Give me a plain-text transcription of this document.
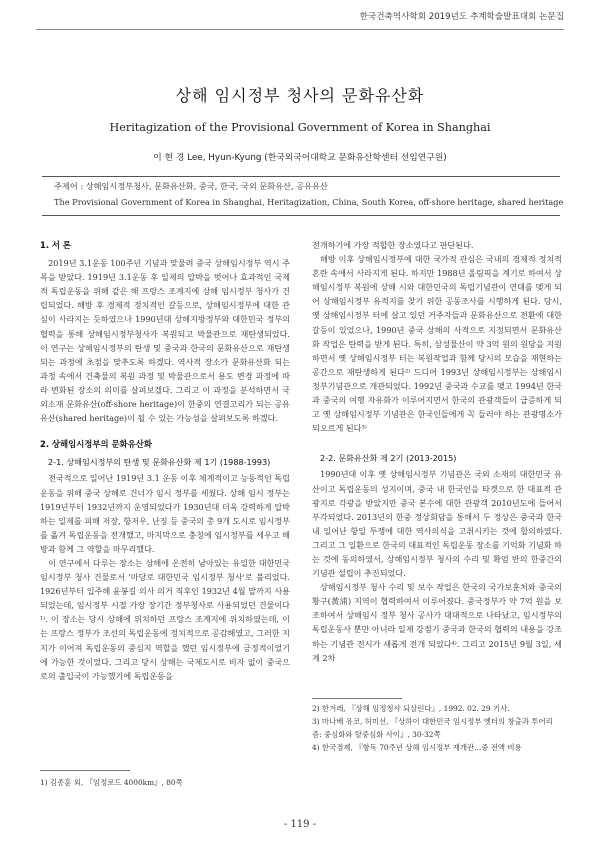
한국건축역사학회 2019년도 추계학술발표대회 논문집
상해 임시정부 청사의 문화유산화
Heritagization of the Provisional Government of Korea in Shanghai
이 현 경 Lee, Hyun-Kyung (한국외국어대학교 문화유산학센터 선임연구원)
주제어 : 상해임시정부청사, 문화유산화, 중국, 한국, 국외 문화유산, 공유유산
The Provisional Government of Korea in Shanghai, Heritagization, China, South Korea, off-shore heritage, shared heritage
1. 서 론

2019년 3.1운동 100주년 기념과 맞물려 중국 상해임시정부 역시 주목을 받았다. 1919년 3.1운동 후 일제의 압박을 벗어나 효과적인 국제적 독립운동을 위해 같은 해 프랑스 조계지에 상해 임시정부 청사가 건립되었다. 해방 후 경제적 정치적인 갈등으로, 상해임시정부에 대한 관심이 사라지는 듯하였으나 1990년대 상해지방정부와 대한민국 정부의 협력을 통해 상해임시정부청사가 복원되고 박물관으로 재탄생되었다. 이 연구는 상해임시정부의 탄생 및 중국과 한국의 문화유산으로 재탄생되는 과정에 초점을 맞추도록 하겠다. 역사적 장소가 문화유산화 되는 과정 속에서 건축물의 복원 과정 및 박물관으로서 용도 변경 과정에 따라 변화된 장소의 의미를 살펴보겠다. 그리고 이 과정을 분석하면서 국외소재 문화유산(off-shore heritage)이 한중의 연결고리가 되는 공유유산(shared heritage)이 될 수 있는 가능성을 살펴보도록 하겠다.

2. 상해임시정부의 문화유산화
2-1. 상해임시정부의 탄생 및 문화유산화 제 1기 (1988-1993)

전국적으로 일어난 1919년 3.1 운동 이후 체계적이고 능동적인 독립운동을 위해 중국 상해로 건너가 임시 정부를 세웠다. 상해 임시 정부는 1919년부터 1932년까지 운영되었다가 1930년대 더욱 강력하게 압박하는 일제를 피해 저장, 항저우, 난징 등 중국의 총 9개 도시로 임시정부를 옮겨 독립운동을 전개했고, 마지막으로 충칭에 임시정부를 세우고 해방과 함께 그 역할을 마무리했다.

이 연구에서 다루는 장소는 상해에 온전히 남아있는 유일한 대한민국 임시정부 청사 건물로서 '마당로 대한민국 임시정부 청사'로 불리었다. 1926년부터 입주해 윤봉길 의사 의거 직후인 1932년 4월 말까지 사용되었는데, 임시정부 시절 가장 장기간 정부청사로 사용되었던 건물이다¹⁾. 이 장소는 당시 상해에 위치하던 프랑스 조계지에 위치하였는데, 이는 프랑스 정부가 조선의 독립운동에 정치적으로 공감해였고, 그러한 지지가 이어져 독립운동의 중심지 역할을 했던 임시정부에 긍정적이었기에 가능한 것이었다. 그리고 당시 상해는 국제도시로 비자 없이 중국으로의 출입국이 가능했기에 독립운동을

전개하기에 가장 적합한 장소였다고 판단된다.

해방 이후 상해임시정부에 대한 국가적 관심은 국내의 경제적 정치적 혼란 속에서 사라지게 된다. 하지만 1988년 올림픽을 계기로 하여서 상해임시정부 복원에 상해 시와 대한민국의 독립기념관이 연대를 맺게 되어 상해임시정부 유적지를 찾기 위한 공동조사를 시행하게 된다. 당시, 옛 상해임시정부 터에 살고 있던 거주자들과 문화유산으로 전환에 대한 갈등이 있었으나, 1990년 중국 상해의 사적으로 지정되면서 문화유산화 작업은 탄력을 받게 된다. 특히, 삼성물산이 약 3억 원의 원당을 지원하면서 옛 상해임시정부 터는 복원작업과 함께 당시의 모습을 재현하는 공간으로 재탄생하게 된다²⁾ 드디어 1993년 상해임시정부는 상해임시정부기념관으로 개관되었다. 1992년 중국과 수교를 맺고 1994년 한국과 중국의 여행 자유화가 이루어지면서 한국의 관광객들이 급증하게 되고 옛 상해임시정부 기념관은 한국인들에게 꼭 들러야 하는 관광명소가 되오르게 된다³⁾

2-2. 문화유산화 제 2기 (2013-2015)

1990년대 이후 옛 상해임시정부 기념관은 국외 소재의 대한민국 유산이고 독립운동의 성지이며, 중국 내 한국인을 타겟으로 한 대표적 관광지로 각광을 받았지만 중국 본수에 대한 관광객 2010년도에 들어서 부각되었다. 2013년의 한중 정상회담을 통해서 두 정상은 중국과 한국 내 일어난 항일 투쟁에 대한 역사의식을 고취시키는 것에 합의하였다. 그리고 그 일환으로 한국의 대표적인 독립운동 장소를 기억화 기념화 하는 것에 동의하였서, 상해임시정부 청사의 수리 및 확엄 반의 한중간의 기념관 설립이 추진되었다.

상해임시정부 청사 수리 및 보수 작업은 한국의 국가보훈처와 중국의 황구(黃浦) 지역이 협력하여서 이루어졌다. 중국정부가 약 7억 원을 보조하여서 상해임시 정부 청사 공사가 대대적으로 나타났고, 임시정부의 독립운동사 뿐만 아니라 일제 강점기 중국과 한국의 협력의 내용을 강조하는 기념관 전시가 새롭게 전개 되었다⁴⁾. 그리고 2015년 9월 3일, 세계 2차

1) 김종훈 외, 『임정로드 4000km』, 80쪽
2) 한겨레, 『상해 임정청사 되살린다』, 1992. 02. 29 기사.
3) 마나베 유코, 허미선, 『상하이 대한민국 임시정부 옛터의 창출과 투어리즘: 중심화와 탈중심화 사이』, 30-32쪽
4) 한국경제, 『항독 70주년 상해 임시정부 재개관...중 전액 비용
- 119 -
